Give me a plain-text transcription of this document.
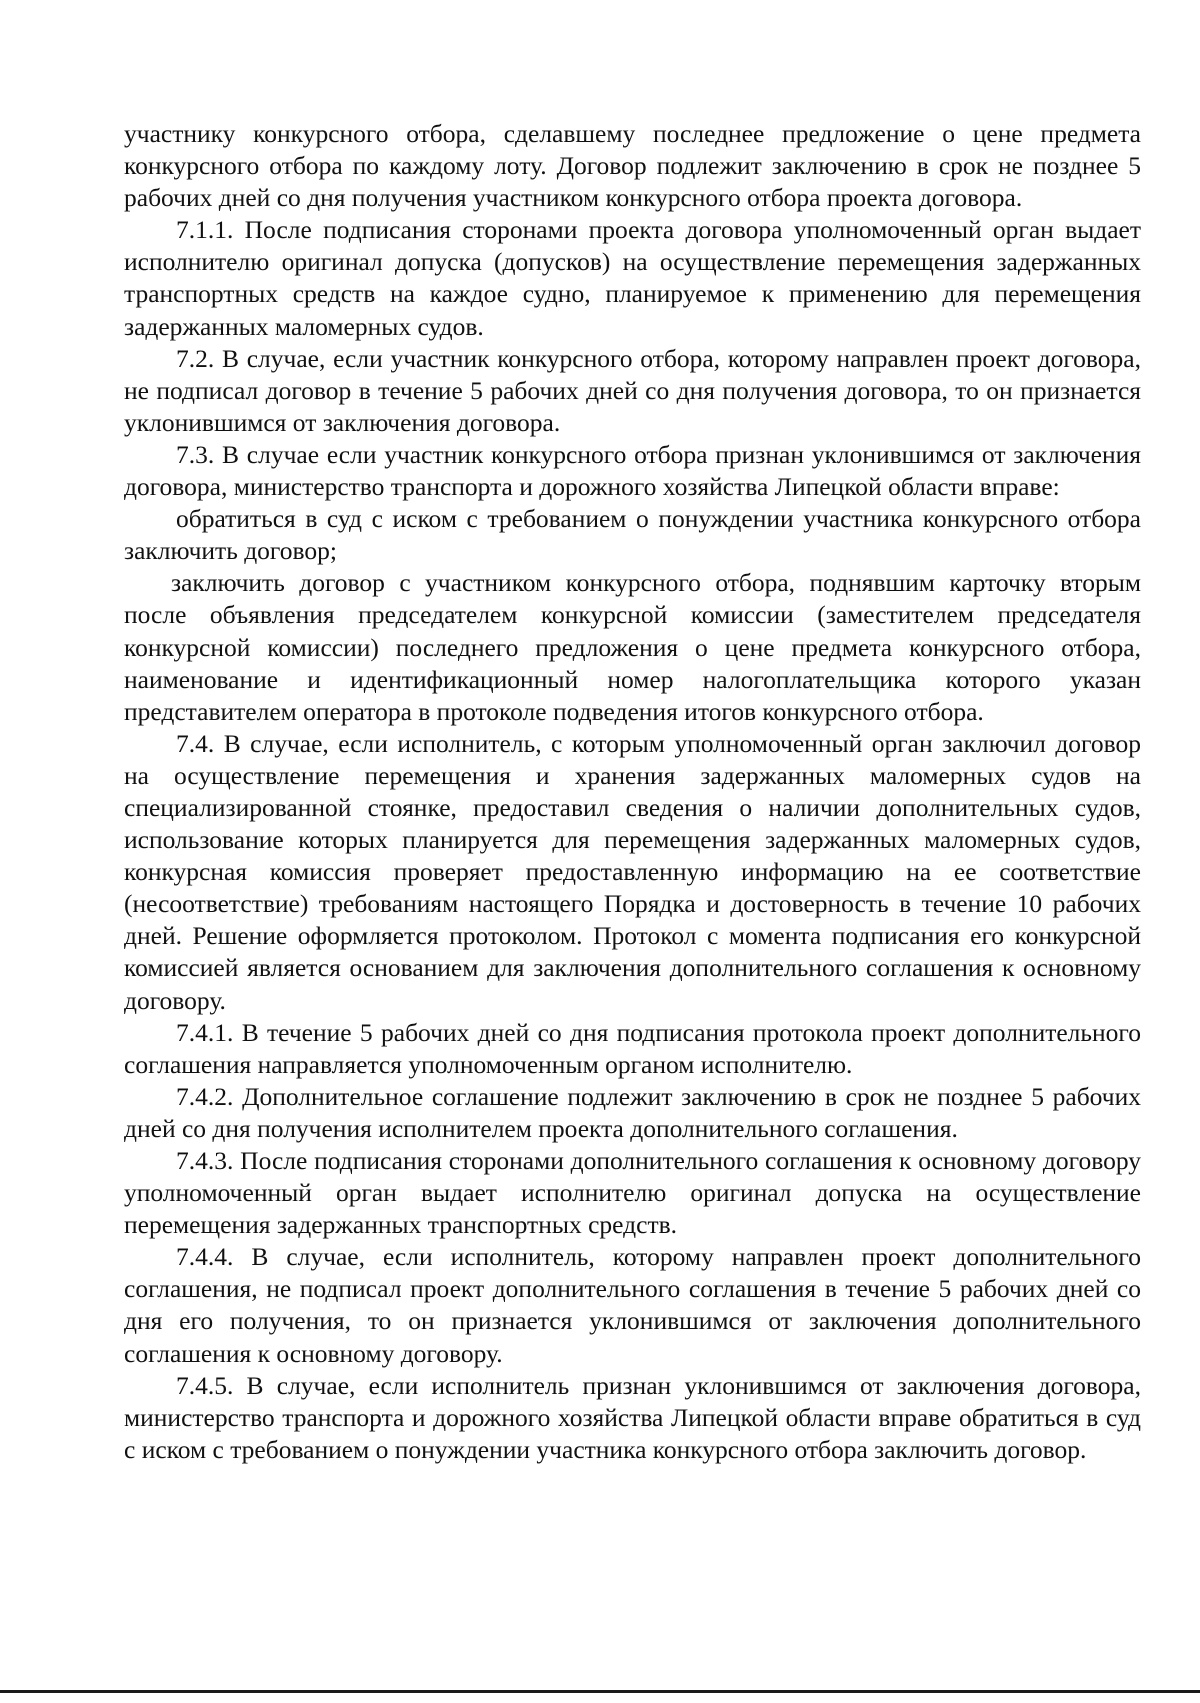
участнику конкурсного отбора, сделавшему последнее предложение о цене предмета конкурсного отбора по каждому лоту. Договор подлежит заключению в срок не позднее 5 рабочих дней со дня получения участником конкурсного отбора проекта договора.

7.1.1. После подписания сторонами проекта договора уполномоченный орган выдает исполнителю оригинал допуска (допусков) на осуществление перемещения задержанных транспортных средств на каждое судно, планируемое к применению для перемещения задержанных маломерных судов.

7.2. В случае, если участник конкурсного отбора, которому направлен проект договора, не подписал договор в течение 5 рабочих дней со дня получения договора, то он признается уклонившимся от заключения договора.

7.3. В случае если участник конкурсного отбора признан уклонившимся от заключения договора, министерство транспорта и дорожного хозяйства Липецкой области вправе:

обратиться в суд с иском с требованием о понуждении участника конкурсного отбора заключить договор;

заключить договор с участником конкурсного отбора, поднявшим карточку вторым после объявления председателем конкурсной комиссии (заместителем председателя конкурсной комиссии) последнего предложения о цене предмета конкурсного отбора, наименование и идентификационный номер налогоплательщика которого указан представителем оператора в протоколе подведения итогов конкурсного отбора.

7.4. В случае, если исполнитель, с которым уполномоченный орган заключил договор на осуществление перемещения и хранения задержанных маломерных судов на специализированной стоянке, предоставил сведения о наличии дополнительных судов, использование которых планируется для перемещения задержанных маломерных судов, конкурсная комиссия проверяет предоставленную информацию на ее соответствие (несоответствие) требованиям настоящего Порядка и достоверность в течение 10 рабочих дней. Решение оформляется протоколом. Протокол с момента подписания его конкурсной комиссией является основанием для заключения дополнительного соглашения к основному договору.

7.4.1. В течение 5 рабочих дней со дня подписания протокола проект дополнительного соглашения направляется уполномоченным органом исполнителю.

7.4.2. Дополнительное соглашение подлежит заключению в срок не позднее 5 рабочих дней со дня получения исполнителем проекта дополнительного соглашения.

7.4.3. После подписания сторонами дополнительного соглашения к основному договору уполномоченный орган выдает исполнителю оригинал допуска на осуществление перемещения задержанных транспортных средств.

7.4.4. В случае, если исполнитель, которому направлен проект дополнительного соглашения, не подписал проект дополнительного соглашения в течение 5 рабочих дней со дня его получения, то он признается уклонившимся от заключения дополнительного соглашения к основному договору.

7.4.5. В случае, если исполнитель признан уклонившимся от заключения договора, министерство транспорта и дорожного хозяйства Липецкой области вправе обратиться в суд с иском с требованием о понуждении участника конкурсного отбора заключить договор.
